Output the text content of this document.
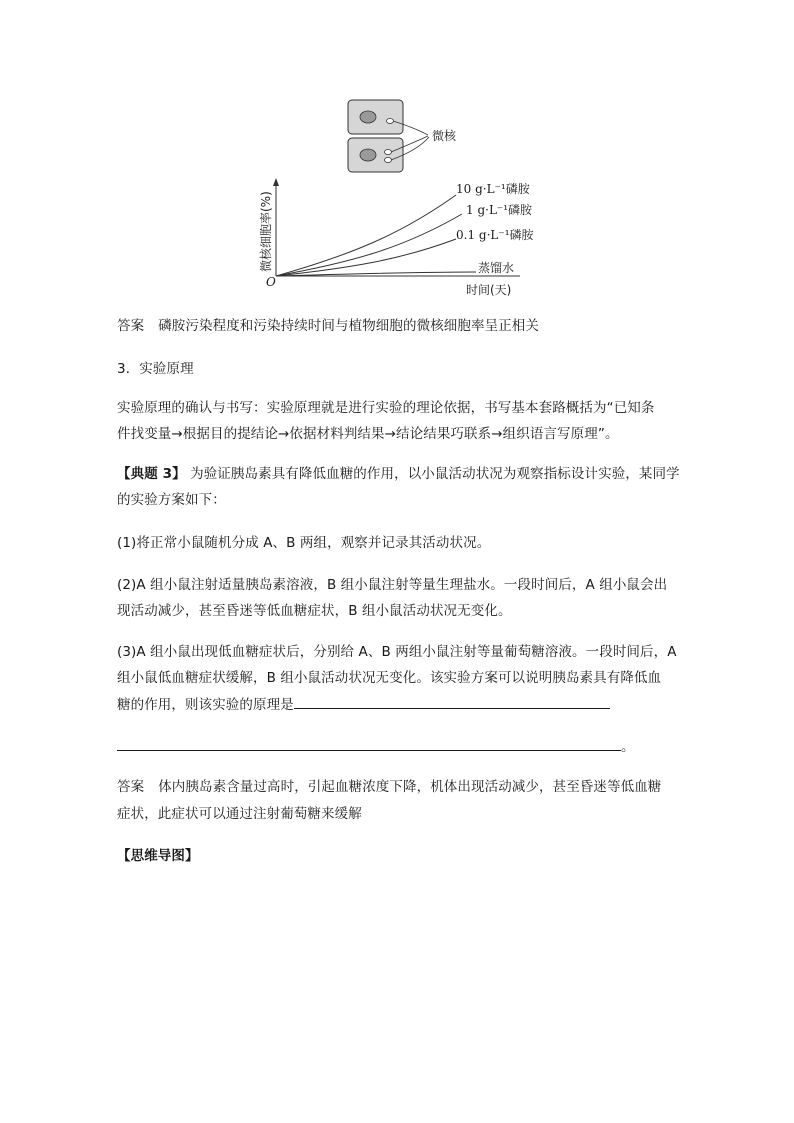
微核
O
微核细胞率(%)
时间(天)
10 g·L⁻¹磷胺
1 g·L⁻¹磷胺
0.1 g·L⁻¹磷胺
蒸馏水
答案 磷胺污染程度和污染持续时间与植物细胞的微核细胞率呈正相关
3．实验原理
实验原理的确认与书写：实验原理就是进行实验的理论依据，书写基本套路概括为“已知条
件找变量→根据目的提结论→依据材料判结果→结论结果巧联系→组织语言写原理”。
【典题 3】 为验证胰岛素具有降低血糖的作用，以小鼠活动状况为观察指标设计实验，某同学
的实验方案如下：
(1)将正常小鼠随机分成 A、B 两组，观察并记录其活动状况。
(2)A 组小鼠注射适量胰岛素溶液，B 组小鼠注射等量生理盐水。一段时间后，A 组小鼠会出
现活动减少，甚至昏迷等低血糖症状，B 组小鼠活动状况无变化。
(3)A 组小鼠出现低血糖症状后，分别给 A、B 两组小鼠注射等量葡萄糖溶液。一段时间后，A
组小鼠低血糖症状缓解，B 组小鼠活动状况无变化。该实验方案可以说明胰岛素具有降低血
糖的作用，则该实验的原理是
。
答案 体内胰岛素含量过高时，引起血糖浓度下降，机体出现活动减少，甚至昏迷等低血糖
症状，此症状可以通过注射葡萄糖来缓解
【思维导图】
